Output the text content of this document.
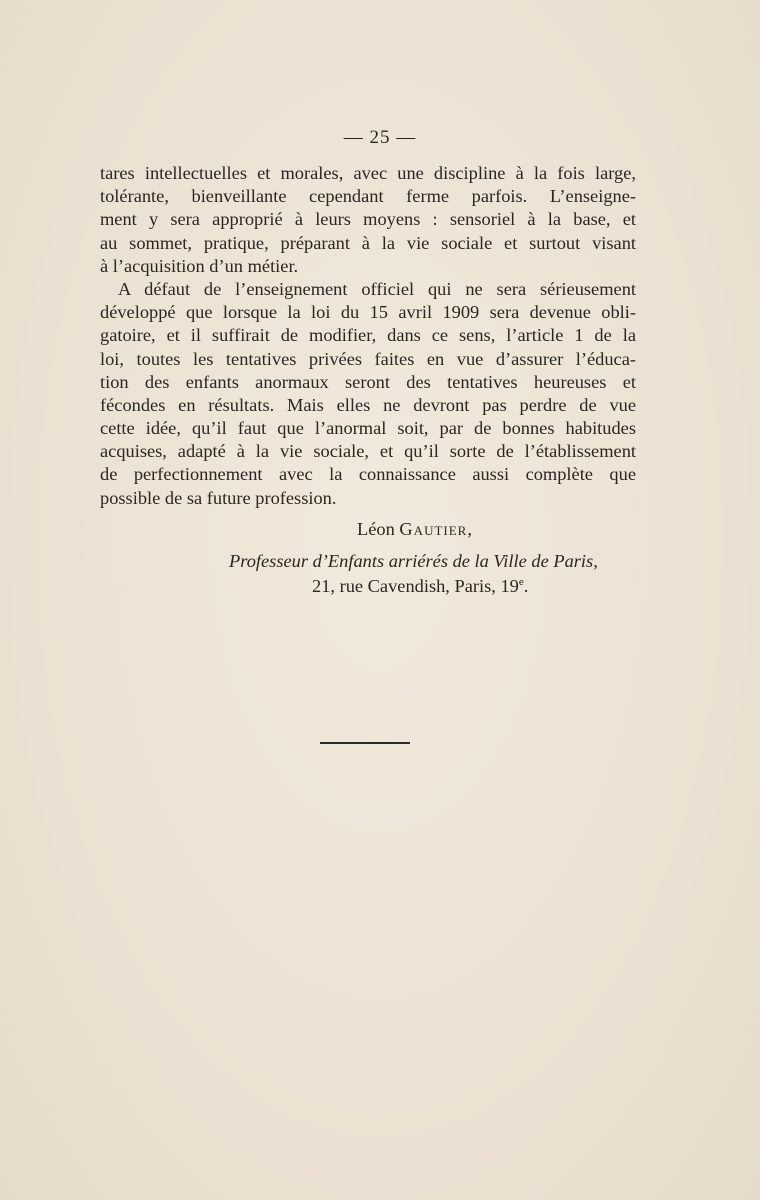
— 25 —
tares intellectuelles et morales, avec une discipline à la fois large,
tolérante, bienveillante cependant ferme parfois. L’enseigne-
ment y sera approprié à leurs moyens : sensoriel à la base, et
au sommet, pratique, préparant à la vie sociale et surtout visant
à l’acquisition d’un métier.
A défaut de l’enseignement officiel qui ne sera sérieusement
développé que lorsque la loi du 15 avril 1909 sera devenue obli-
gatoire, et il suffirait de modifier, dans ce sens, l’article 1 de la
loi, toutes les tentatives privées faites en vue d’assurer l’éduca-
tion des enfants anormaux seront des tentatives heureuses et
fécondes en résultats. Mais elles ne devront pas perdre de vue
cette idée, qu’il faut que l’anormal soit, par de bonnes habitudes
acquises, adapté à la vie sociale, et qu’il sorte de l’établissement
de perfectionnement avec la connaissance aussi complète que
possible de sa future profession.
Léon Gautier,
Professeur d’Enfants arriérés de la Ville de Paris,
21, rue Cavendish, Paris, 19e.
